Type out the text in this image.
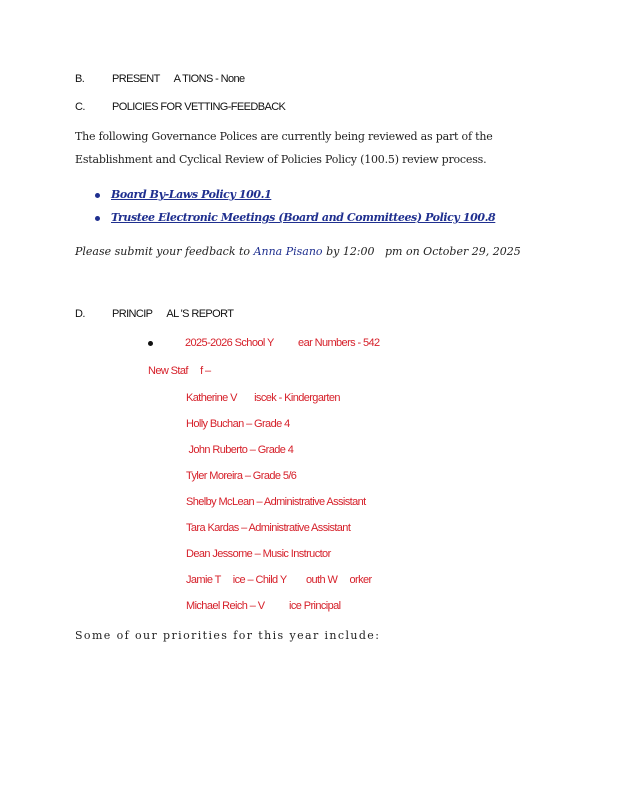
B.	PRESENT      A TIONS - None
C. POLICIES FOR VETTING-FEEDBACK
The following Governance Polices are currently being reviewed as part of the
Establishment and Cyclical Review of Policies Policy (100.5) review process.
Board By-Laws Policy 100.1
Trustee Electronic Meetings (Board and Committees) Policy 100.8
Please submit your feedback to Anna Pisano by 12:00   pm on October 29, 2025
D. PRINCIP      AL 'S REPORT
2025-2026 School Y          ear Numbers - 542
New Staf     f –
Katherine V       iscek - Kindergarten
Holly Buchan – Grade 4
John Ruberto – Grade 4
Tyler Moreira – Grade 5/6
Shelby McLean – Administrative Assistant
Tara Kardas – Administrative Assistant
Dean Jessome – Music Instructor
Jamie T     ice – Child Y        outh W     orker
Michael Reich – V          ice Principal
Some of our priorities for this year include:
